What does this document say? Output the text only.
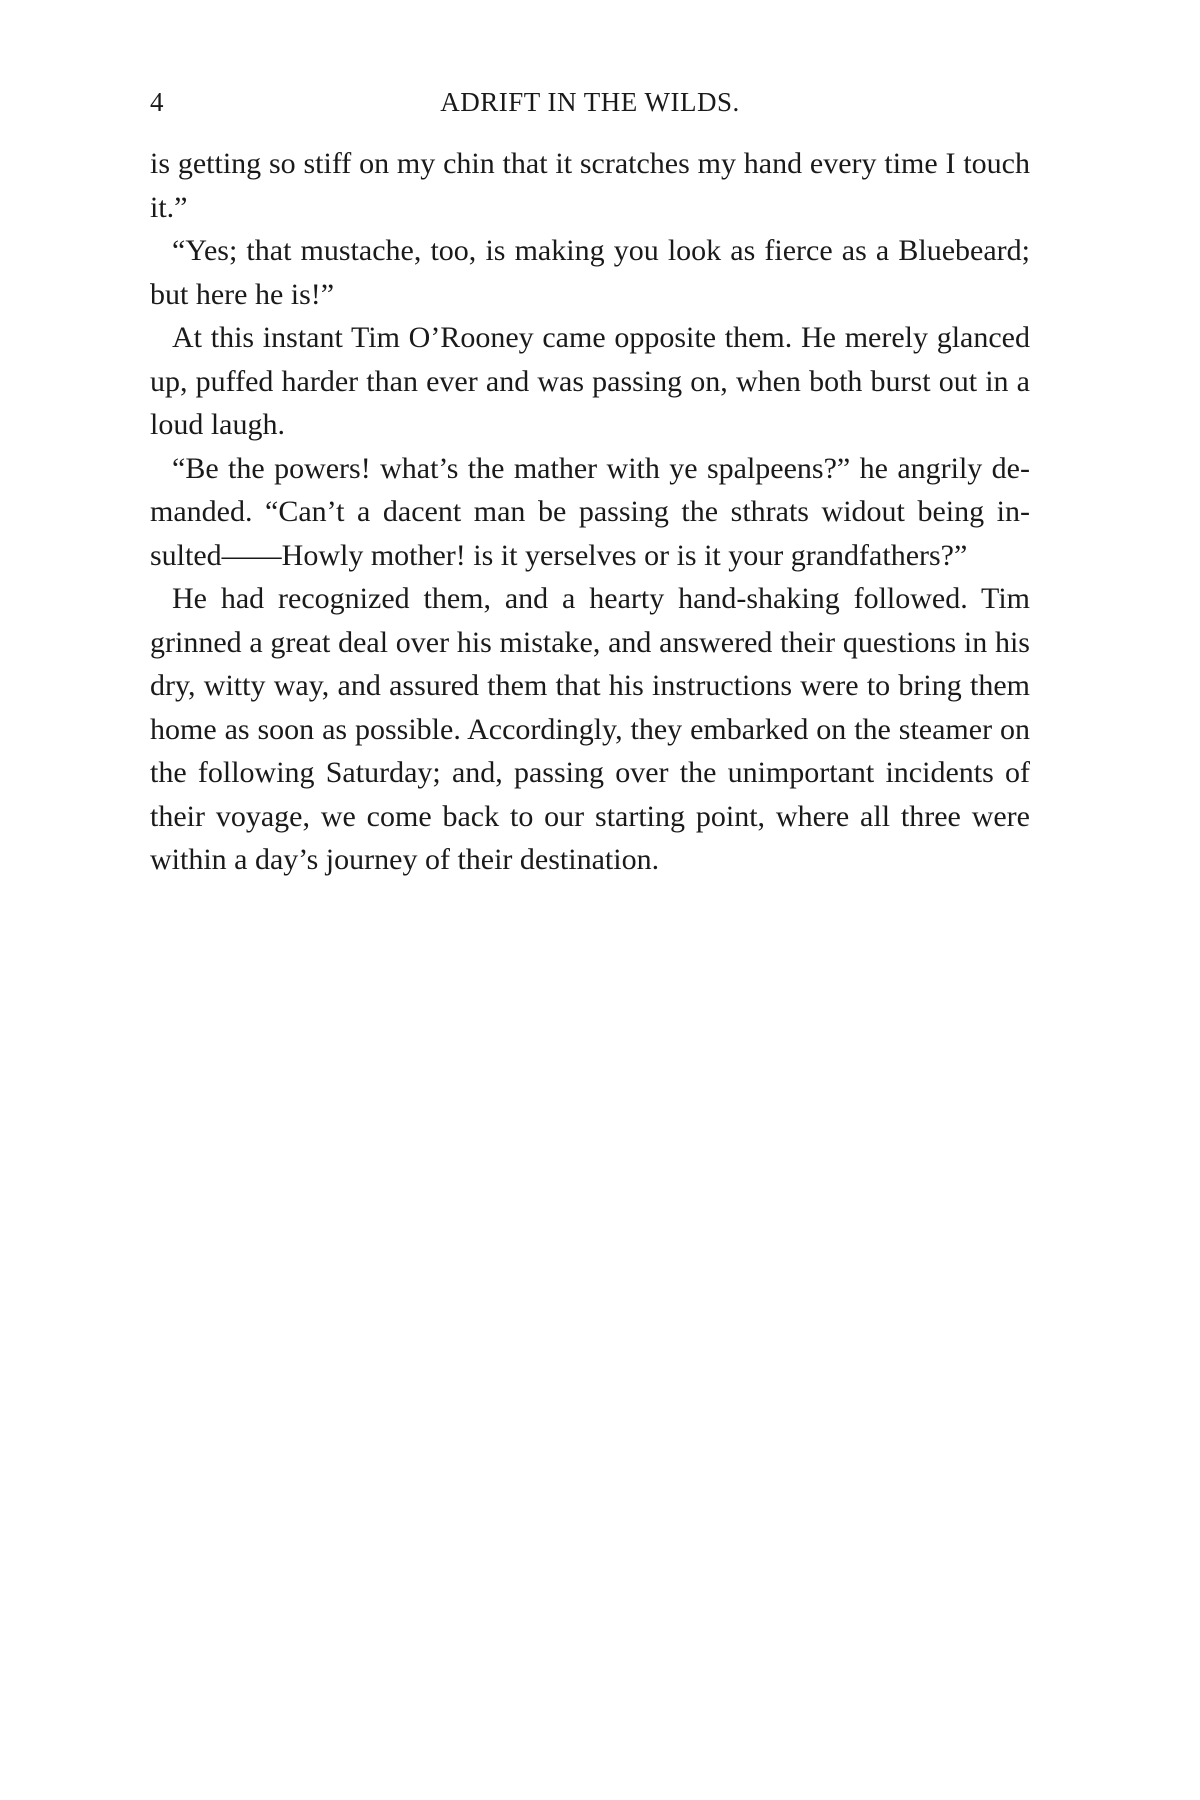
4	ADRIFT IN THE WILDS.

is getting so stiff on my chin that it scratches my hand every time I touch it.”

“Yes; that mustache, too, is making you look as fierce as a Bluebeard; but here he is!”

At this instant Tim O’Rooney came opposite them. He merely glanced up, puffed harder than ever and was passing on, when both burst out in a loud laugh.

“Be the powers! what’s the mather with ye spalpeens?” he angrily demanded. “Can’t a dacent man be passing the sthrats widout being insulted——Howly mother! is it yerselves or is it your grandfathers?”

He had recognized them, and a hearty hand-shaking followed. Tim grinned a great deal over his mistake, and answered their questions in his dry, witty way, and assured them that his instructions were to bring them home as soon as possible. Accordingly, they embarked on the steamer on the following Saturday; and, passing over the unimportant incidents of their voyage, we come back to our starting point, where all three were within a day’s journey of their destination.
